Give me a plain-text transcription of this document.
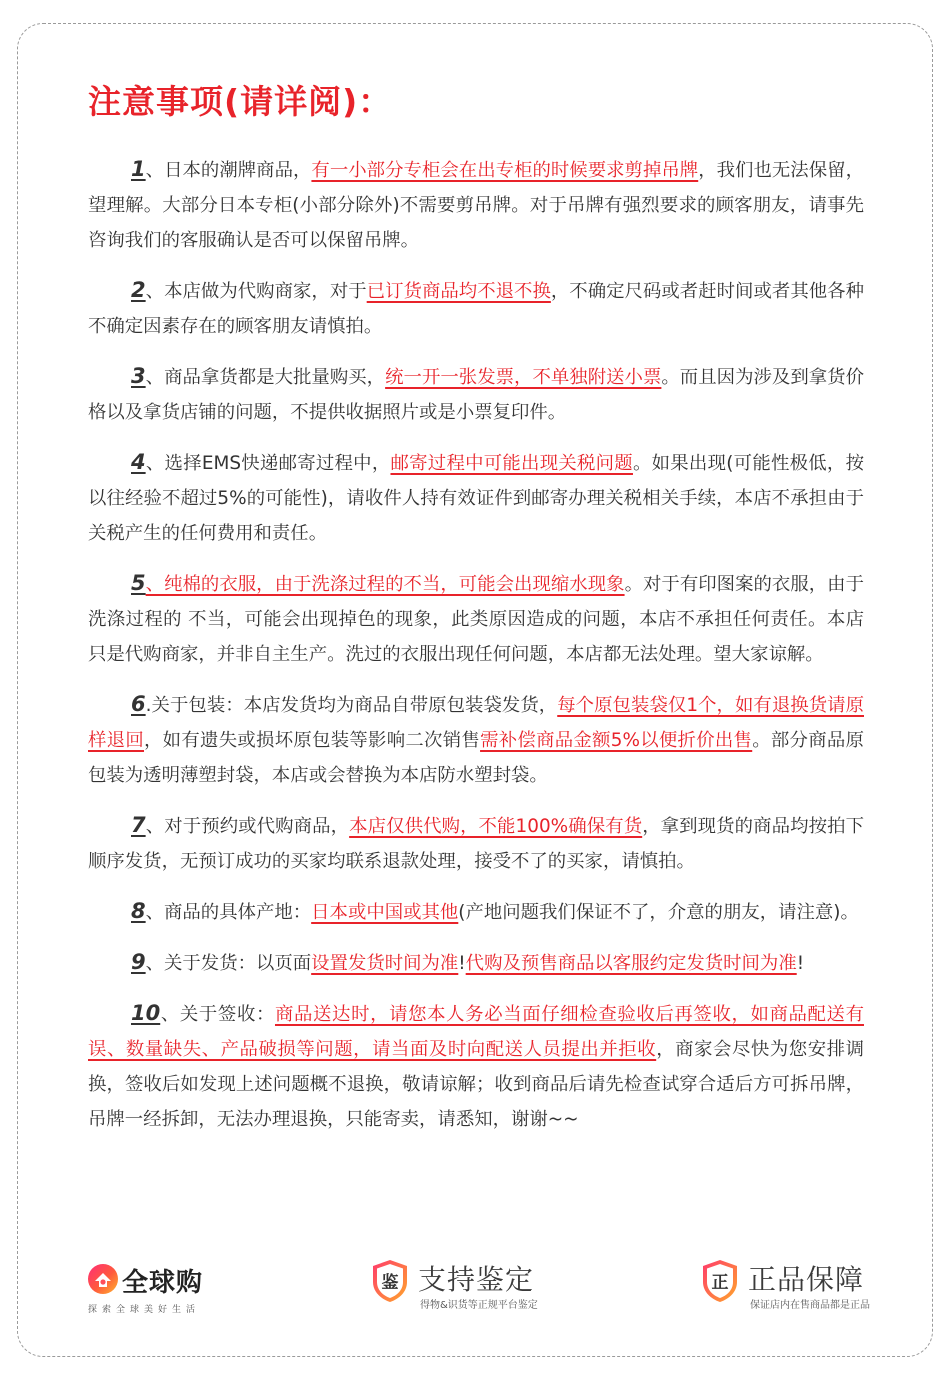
注意事项(请详阅)：

1、日本的潮牌商品，有一小部分专柜会在出专柜的时候要求剪掉吊牌，我们也无法保留，望理解。大部分日本专柜(小部分除外)不需要剪吊牌。对于吊牌有强烈要求的顾客朋友，请事先咨询我们的客服确认是否可以保留吊牌。

2、本店做为代购商家，对于已订货商品均不退不换，不确定尺码或者赶时间或者其他各种不确定因素存在的顾客朋友请慎拍。

3、商品拿货都是大批量购买，统一开一张发票，不单独附送小票。而且因为涉及到拿货价格以及拿货店铺的问题，不提供收据照片或是小票复印件。

4、选择EMS快递邮寄过程中，邮寄过程中可能出现关税问题。如果出现(可能性极低，按以往经验不超过5%的可能性)，请收件人持有效证件到邮寄办理关税相关手续，本店不承担由于关税产生的任何费用和责任。

5、纯棉的衣服，由于洗涤过程的不当，可能会出现缩水现象。对于有印图案的衣服，由于洗涤过程的 不当，可能会出现掉色的现象，此类原因造成的问题，本店不承担任何责任。本店只是代购商家，并非自主生产。洗过的衣服出现任何问题，本店都无法处理。望大家谅解。

6.关于包装：本店发货均为商品自带原包装袋发货，每个原包装袋仅1个，如有退换货请原样退回，如有遗失或损坏原包装等影响二次销售需补偿商品金额5%以便折价出售。部分商品原包装为透明薄塑封袋，本店或会替换为本店防水塑封袋。

7、对于预约或代购商品，本店仅供代购，不能100%确保有货，拿到现货的商品均按拍下顺序发货，无预订成功的买家均联系退款处理，接受不了的买家，请慎拍。

8、商品的具体产地：日本或中国或其他(产地问题我们保证不了，介意的朋友，请注意)。

9、关于发货：以页面设置发货时间为准!代购及预售商品以客服约定发货时间为准!

10、关于签收：商品送达时，请您本人务必当面仔细检查验收后再签收，如商品配送有误、数量缺失、产品破损等问题，请当面及时向配送人员提出并拒收，商家会尽快为您安排调换，签收后如发现上述问题概不退换，敬请谅解；收到商品后请先检查试穿合适后方可拆吊牌，吊牌一经拆卸，无法办理退换，只能寄卖，请悉知，谢谢~~

全球购
探索全球美好生活
鉴 支持鉴定
得物&识货等正规平台鉴定
正 正品保障
保证店内在售商品都是正品
